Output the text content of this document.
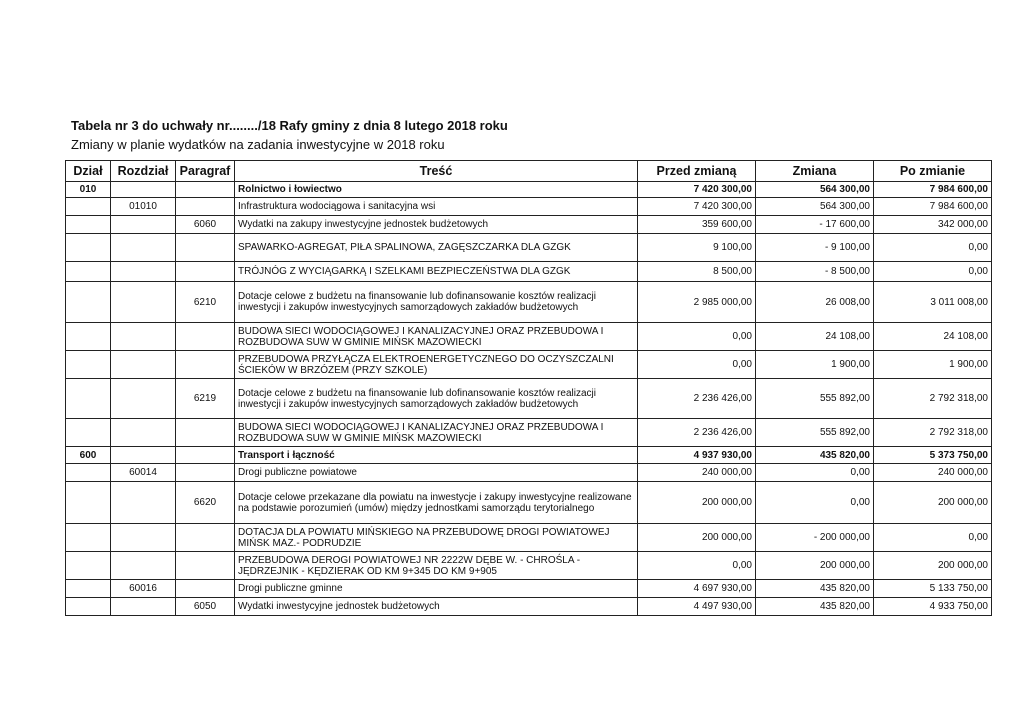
Tabela nr 3 do uchwały nr......../18 Rafy gminy z dnia 8 lutego 2018 roku
Zmiany w planie wydatków na zadania inwestycyjne w 2018 roku
Dział	Rozdział	Paragraf	Treść	Przed zmianą	Zmiana	Po zmianie
010			Rolnictwo i łowiectwo	7 420 300,00	564 300,00	7 984 600,00
	01010		Infrastruktura wodociągowa i sanitacyjna wsi	7 420 300,00	564 300,00	7 984 600,00
		6060	Wydatki na zakupy inwestycyjne jednostek budżetowych	359 600,00	- 17 600,00	342 000,00
			SPAWARKO-AGREGAT, PIŁA SPALINOWA, ZAGĘSZCZARKA DLA GZGK	9 100,00	- 9 100,00	0,00
			TRÓJNÓG Z WYCIĄGARKĄ I SZELKAMI BEZPIECZEŃSTWA DLA GZGK	8 500,00	- 8 500,00	0,00
		6210	Dotacje celowe z budżetu na finansowanie lub dofinansowanie kosztów realizacji inwestycji i zakupów inwestycyjnych samorządowych zakładów budżetowych	2 985 000,00	26 008,00	3 011 008,00
			BUDOWA SIECI WODOCIĄGOWEJ I KANALIZACYJNEJ ORAZ PRZEBUDOWA I ROZBUDOWA SUW W GMINIE MIŃSK MAZOWIECKI	0,00	24 108,00	24 108,00
			PRZEBUDOWA PRZYŁĄCZA ELEKTROENERGETYCZNEGO DO OCZYSZCZALNI ŚCIEKÓW W BRZÓZEM (PRZY SZKOLE)	0,00	1 900,00	1 900,00
		6219	Dotacje celowe z budżetu na finansowanie lub dofinansowanie kosztów realizacji inwestycji i zakupów inwestycyjnych samorządowych zakładów budżetowych	2 236 426,00	555 892,00	2 792 318,00
			BUDOWA SIECI WODOCIĄGOWEJ I KANALIZACYJNEJ ORAZ PRZEBUDOWA I ROZBUDOWA SUW W GMINIE MIŃSK MAZOWIECKI	2 236 426,00	555 892,00	2 792 318,00
600			Transport i łączność	4 937 930,00	435 820,00	5 373 750,00
	60014		Drogi publiczne powiatowe	240 000,00	0,00	240 000,00
		6620	Dotacje celowe przekazane dla powiatu na inwestycje i zakupy inwestycyjne realizowane na podstawie porozumień (umów) między jednostkami samorządu terytorialnego	200 000,00	0,00	200 000,00
			DOTACJA DLA POWIATU MIŃSKIEGO NA PRZEBUDOWĘ DROGI POWIATOWEJ MIŃSK MAZ.- PODRUDZIE	200 000,00	- 200 000,00	0,00
			PRZEBUDOWA DEROGI POWIATOWEJ NR 2222W DĘBE W. - CHROŚLA - JĘDRZEJNIK - KĘDZIERAK OD KM 9+345 DO KM 9+905	0,00	200 000,00	200 000,00
	60016		Drogi publiczne gminne	4 697 930,00	435 820,00	5 133 750,00
		6050	Wydatki inwestycyjne jednostek budżetowych	4 497 930,00	435 820,00	4 933 750,00
